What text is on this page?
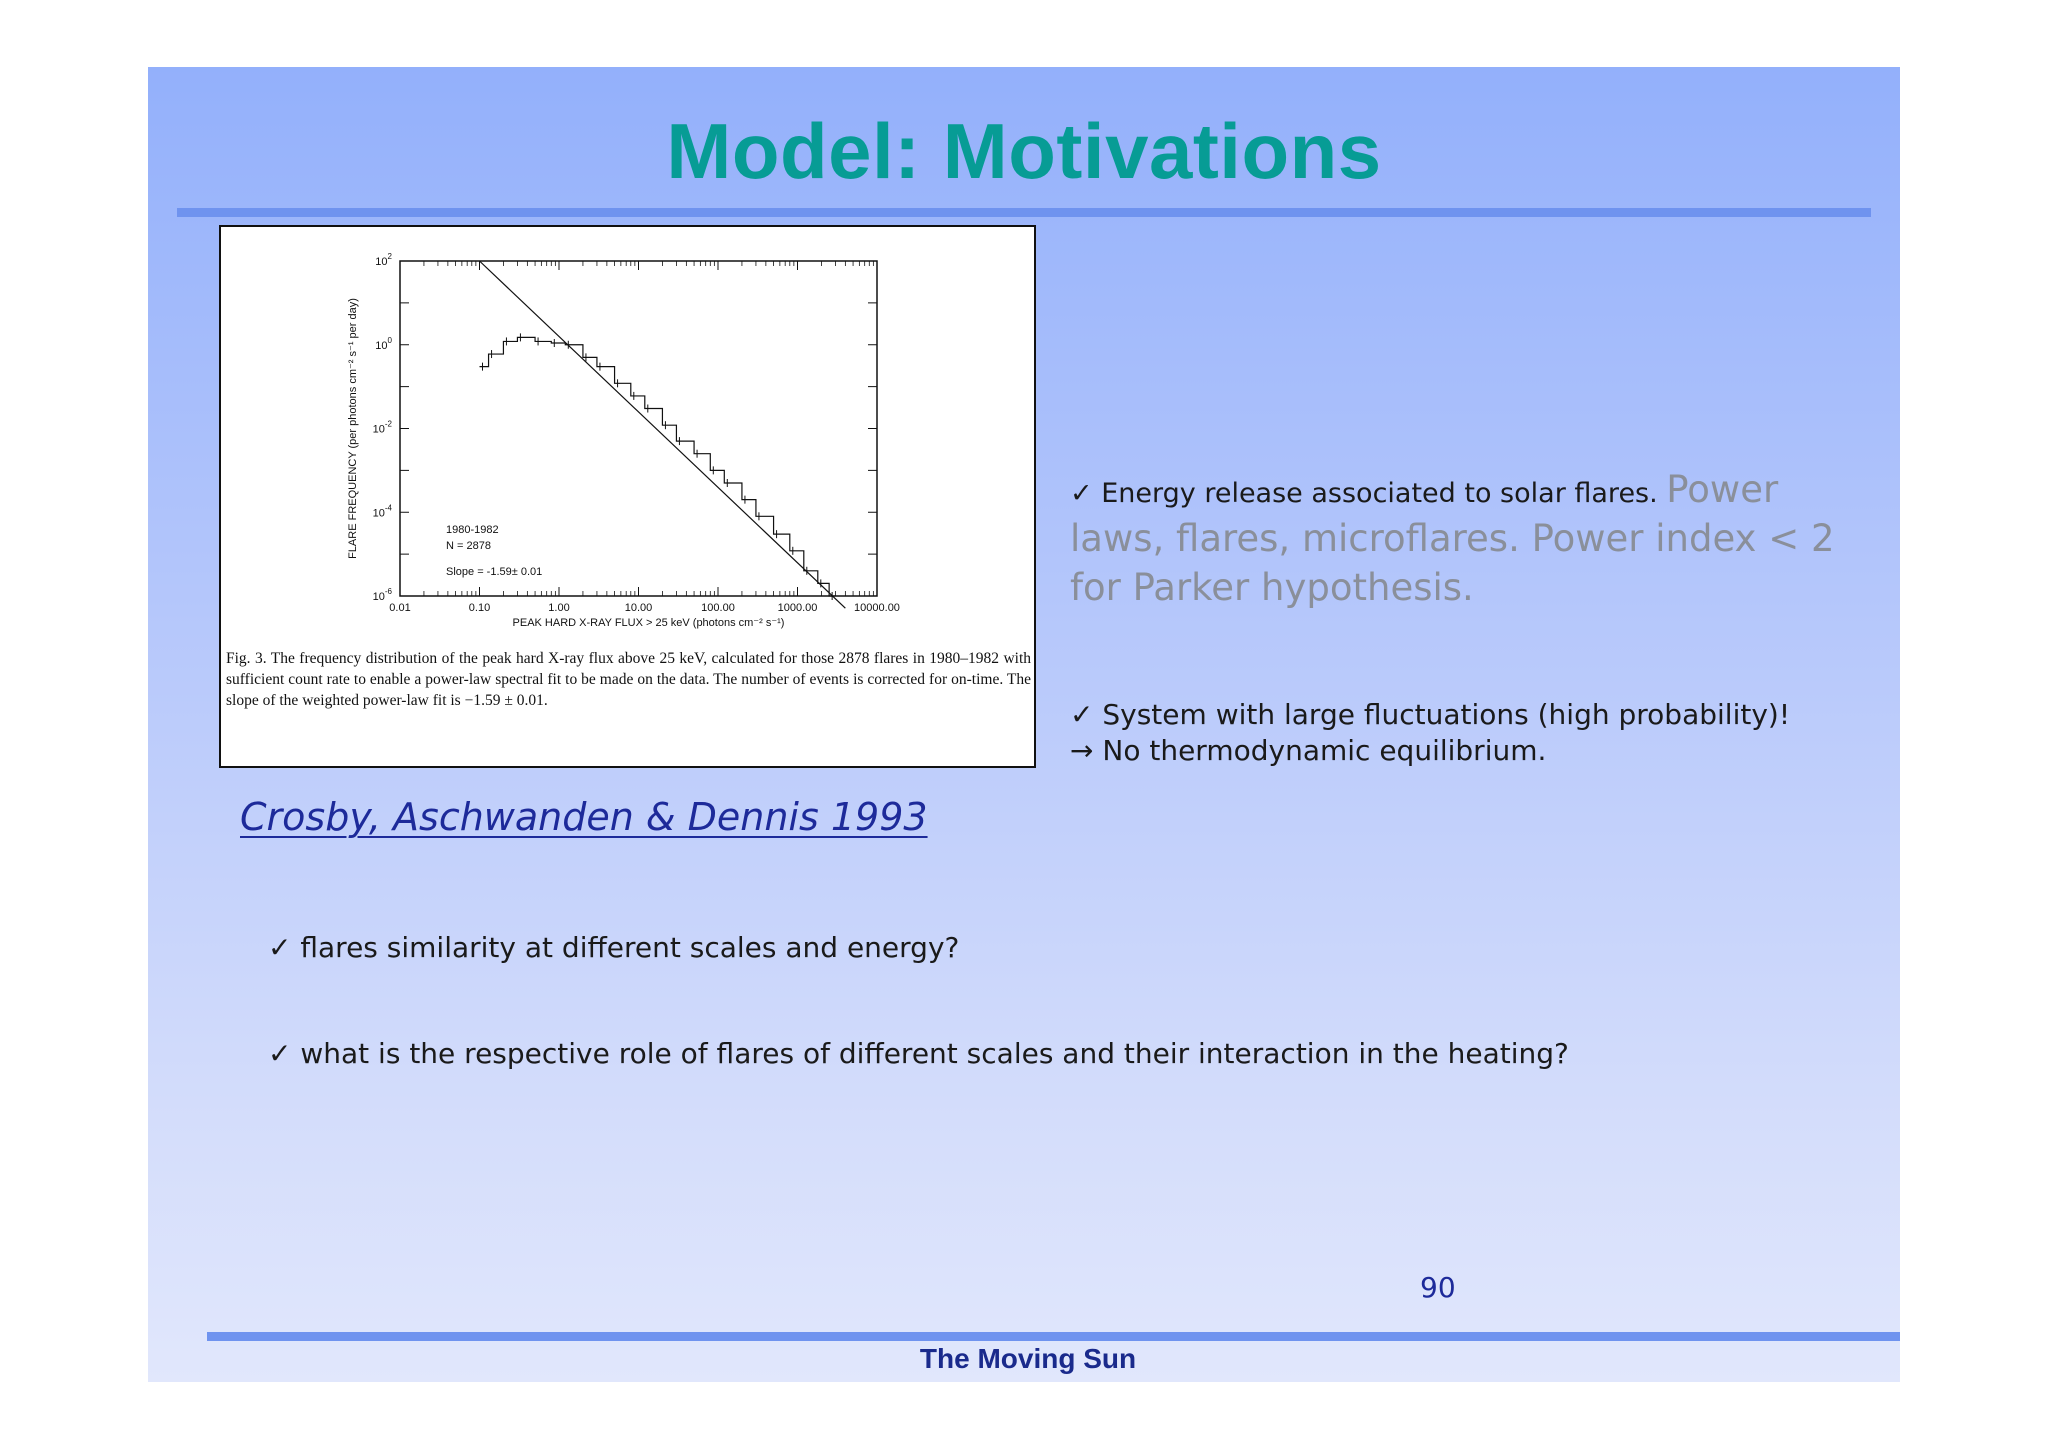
Model: Motivations
0.01	0.10	1.00	10.00	100.00	1000.00	10000.00
$10^2$
$10^0$
$10^{-2}$
$10^{-4}$
$10^{-6}$
PEAK HARD X-RAY FLUX > 25 keV (photons cm⁻² s⁻¹)
FLARE FREQUENCY (per photons cm⁻² s⁻¹ per day)	1980-1982
N = 2878
Slope = -1.59± 0.01
Fig. 3. The frequency distribution of the peak hard X-ray flux above 25 keV, calculated for those 2878 flares in 1980–1982 with sufficient count rate to enable a power-law spectral fit to be made on the data. The number of events is corrected for on-time. The slope of the weighted power-law fit is −1.59 ± 0.01.
Crosby, Aschwanden & Dennis 1993
✓ Energy release associated to solar flares. Power laws, flares, microflares. Power index < 2 for Parker hypothesis.
✓ System with large fluctuations (high probability)!
→ No thermodynamic equilibrium.
✓ flares similarity at different scales and energy?
✓ what is the respective role of flares of different scales and their interaction in the heating?
90
The Moving Sun
